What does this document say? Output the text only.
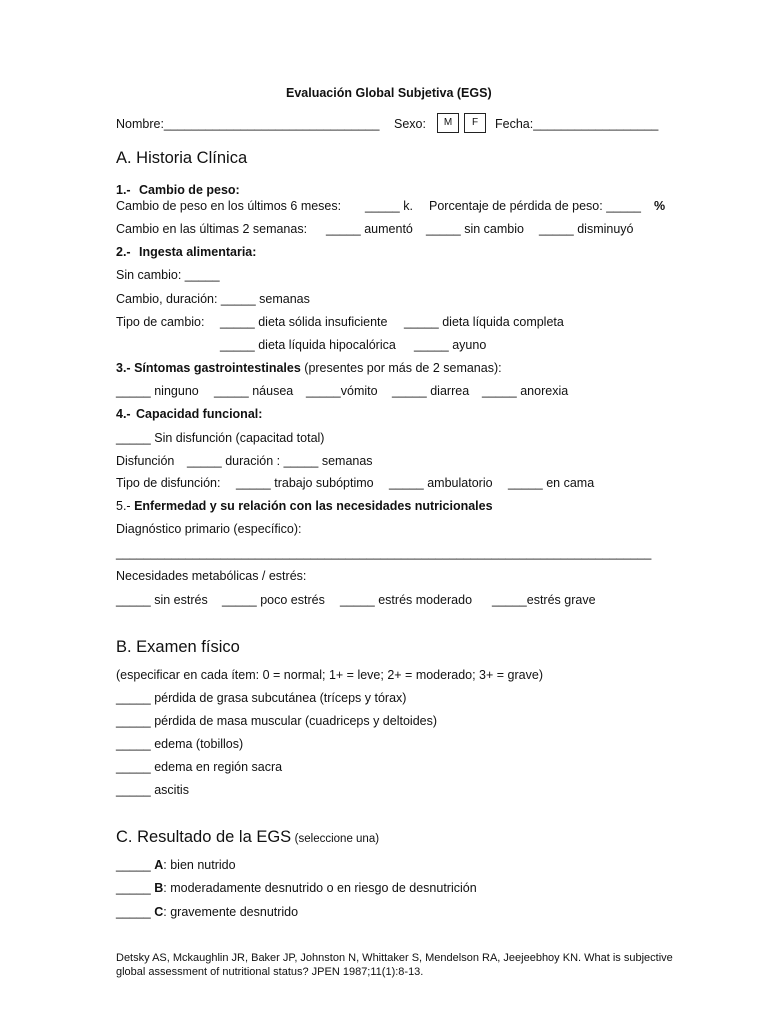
Evaluación Global Subjetiva (EGS)
Nombre:_______________________________ Sexo:	M	F	Fecha:__________________
A. Historia Clínica
1.- Cambio de peso:
Cambio de peso en los últimos 6 meses: _____ k. Porcentaje de pérdida de peso: _____ %
Cambio en las últimas 2 semanas: _____ aumentó _____ sin cambio _____ disminuyó
2.- Ingesta alimentaria:
Sin cambio: _____
Cambio, duración: _____ semanas
Tipo de cambio: _____ dieta sólida insuficiente _____ dieta líquida completa
_____ dieta líquida hipocalórica _____ ayuno
3.- Síntomas gastrointestinales (presentes por más de 2 semanas):
_____ ninguno _____ náusea _____vómito _____ diarrea _____ anorexia
4.- Capacidad funcional:
_____ Sin disfunción (capacitad total)
Disfunción _____ duración : _____ semanas
Tipo de disfunción: _____ trabajo subóptimo _____ ambulatorio _____ en cama
5.- Enfermedad y su relación con las necesidades nutricionales
Diagnóstico primario (específico):
_____________________________________________________________________________
Necesidades metabólicas / estrés:
_____ sin estrés _____ poco estrés _____ estrés moderado _____estrés grave
B. Examen físico
(especificar en cada ítem: 0 = normal; 1+ = leve; 2+ = moderado; 3+ = grave)
_____ pérdida de grasa subcutánea (tríceps y tórax)
_____ pérdida de masa muscular (cuadriceps y deltoides)
_____ edema (tobillos)
_____ edema en región sacra
_____ ascitis
C. Resultado de la EGS (seleccione una)
_____ A: bien nutrido
_____ B: moderadamente desnutrido o en riesgo de desnutrición
_____ C: gravemente desnutrido
Detsky AS, Mckaughlin JR, Baker JP, Johnston N, Whittaker S, Mendelson RA, Jeejeebhoy KN. What is subjective global assessment of nutritional status? JPEN 1987;11(1):8-13.
